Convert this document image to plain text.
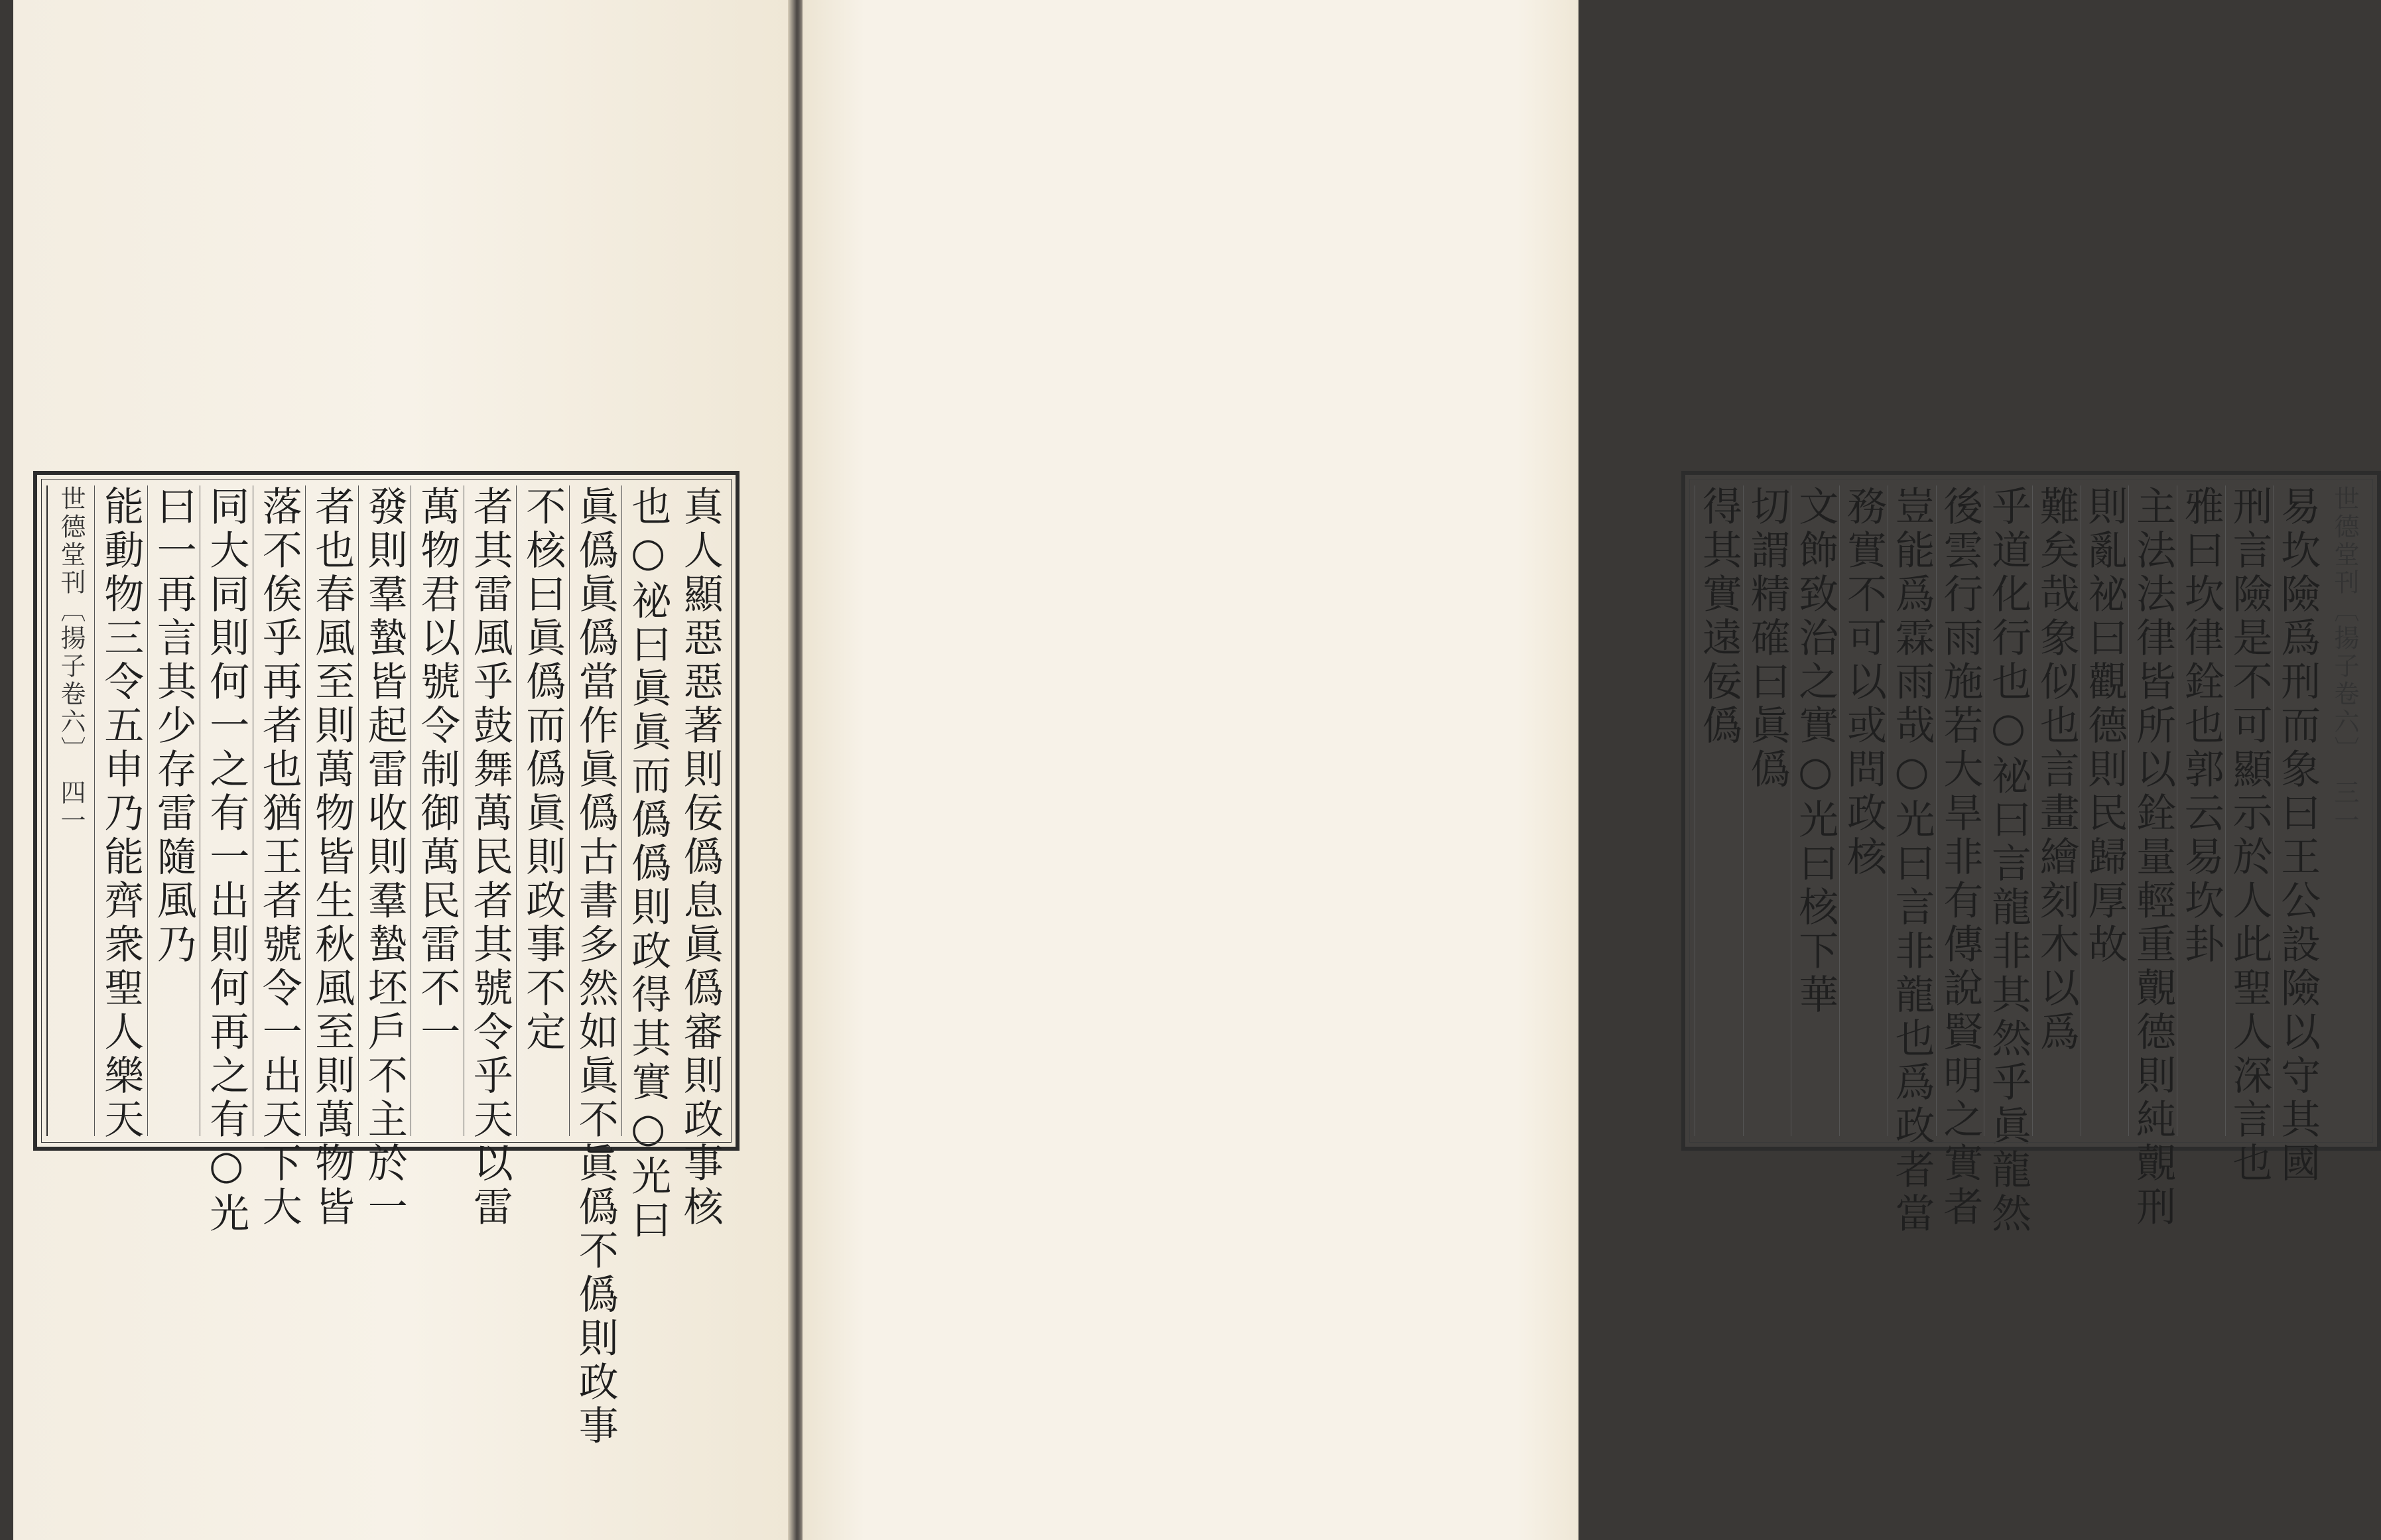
真人顯惡惡著則佞僞息眞僞審則政事核
也○祕曰眞眞而僞僞則政得其實○光曰
眞僞眞僞當作眞僞古書多然如眞不眞僞不僞則政事
不核曰眞僞而僞眞則政事不定
者其雷風乎鼓舞萬民者其號令乎天以雷
萬物君以號令制御萬民雷不一
發則羣蟄皆起雷收則羣蟄坯戶不主於一
者也春風至則萬物皆生秋風至則萬物皆
落不俟乎再者也猶王者號令一出天下大
同大同則何一之有一出則何再之有○光
曰一再言其少存雷隨風乃
能動物三令五申乃能齊衆聖人樂天
世德堂刊〔揚子卷六〕　四一	世德堂刊〔揚子卷六〕　三一
易坎險爲刑而象曰王公設險以守其國
刑言險是不可顯示於人此聖人深言也
雅曰坎律銓也郭云易坎卦
主法法律皆所以銓量輕重覿德則純覿刑
則亂祕曰觀德則民歸厚故
難矣哉象似也言畫繪刻木以爲
乎道化行也○祕曰言龍非其然乎眞龍然
後雲行雨施若大旱非有傳說賢明之實者
豈能爲霖雨哉○光曰言非龍也爲政者當
務實不可以或問政核
文飾致治之實○光曰核下華
切謂精確曰眞僞
得其實遠佞僞
